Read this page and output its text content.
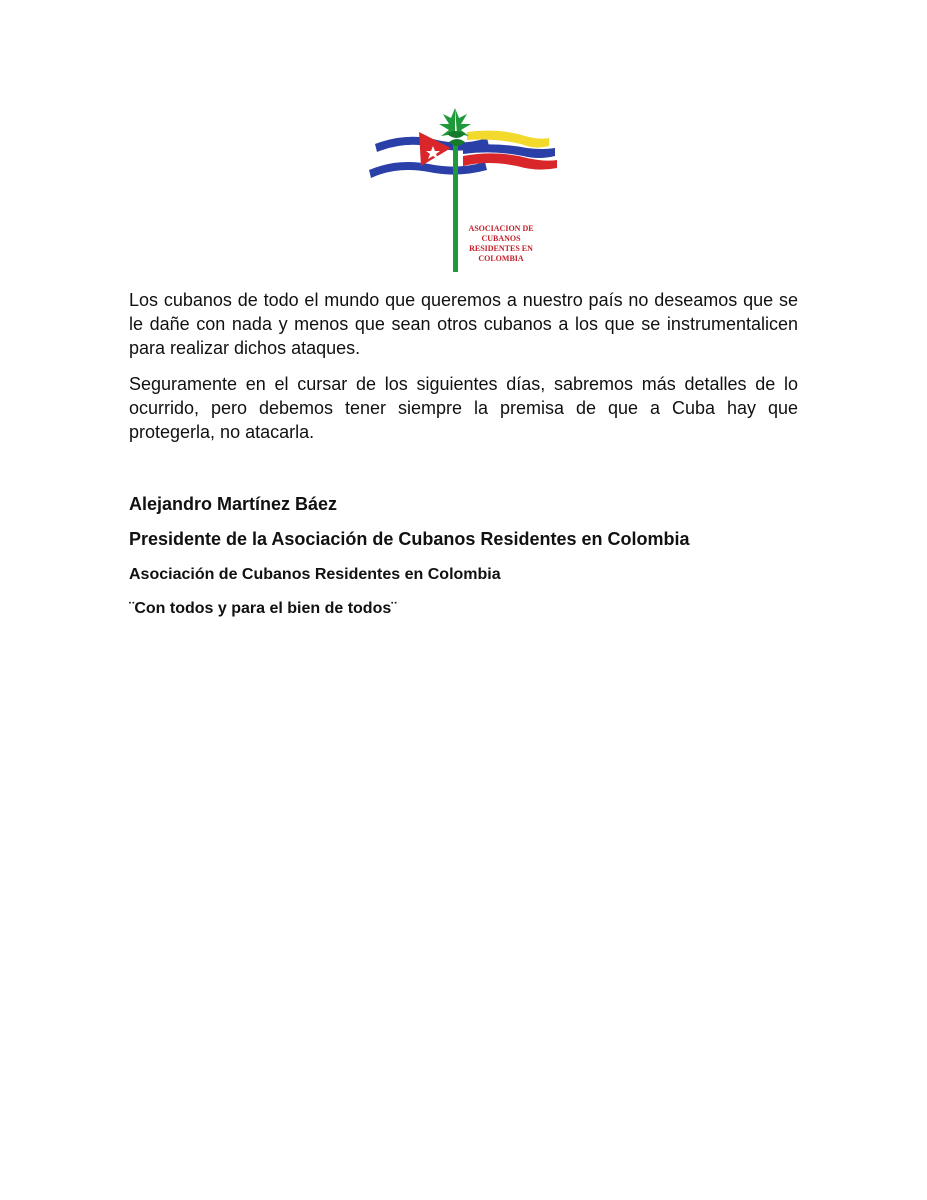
ASOCIACION DE
CUBANOS
RESIDENTES EN
COLOMBIA

Los cubanos de todo el mundo que queremos a nuestro país no deseamos que se le dañe con nada y menos que sean otros cubanos a los que se instrumentalicen para realizar dichos ataques.

Seguramente en el cursar de los siguientes días, sabremos más detalles de lo ocurrido, pero debemos tener siempre la premisa de que a Cuba hay que protegerla, no atacarla.

Alejandro Martínez Báez

Presidente de la Asociación de Cubanos Residentes en Colombia

Asociación de Cubanos Residentes en Colombia

¨Con todos y para el bien de todos¨
